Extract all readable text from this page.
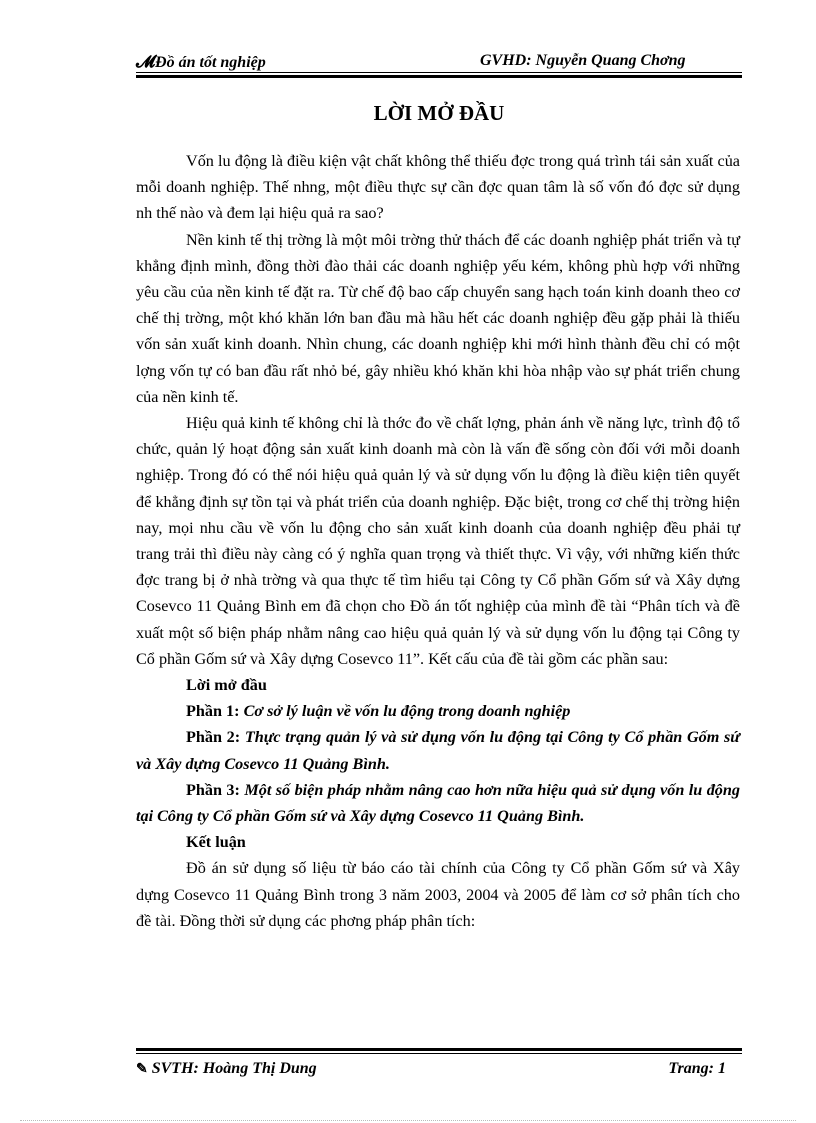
𝓜 Đồ án tốt nghiệp	GVHD: Nguyễn Quang Chơng
LỜI MỞ ĐẦU

Vốn lu động là điều kiện vật chất không thể thiếu đợc trong quá trình tái sản xuất của mỗi doanh nghiệp. Thế nhng, một điều thực sự cần đợc quan tâm là số vốn đó đợc sử dụng nh thế nào và đem lại hiệu quả ra sao?

Nền kinh tế thị trờng là một môi trờng thử thách để các doanh nghiệp phát triển và tự khẳng định mình, đồng thời đào thải các doanh nghiệp yếu kém, không phù hợp với những yêu cầu của nền kinh tế đặt ra. Từ chế độ bao cấp chuyển sang hạch toán kinh doanh theo cơ chế thị trờng, một khó khăn lớn ban đầu mà hầu hết các doanh nghiệp đều gặp phải là thiếu vốn sản xuất kinh doanh. Nhìn chung, các doanh nghiệp khi mới hình thành đều chỉ có một lợng vốn tự có ban đầu rất nhỏ bé, gây nhiều khó khăn khi hòa nhập vào sự phát triển chung của nền kinh tế.

Hiệu quả kinh tế không chỉ là thớc đo về chất lợng, phản ánh về năng lực, trình độ tổ chức, quản lý hoạt động sản xuất kinh doanh mà còn là vấn đề sống còn đối với mỗi doanh nghiệp. Trong đó có thể nói hiệu quả quản lý và sử dụng vốn lu động là điều kiện tiên quyết để khẳng định sự tồn tại và phát triển của doanh nghiệp. Đặc biệt, trong cơ chế thị trờng hiện nay, mọi nhu cầu về vốn lu động cho sản xuất kinh doanh của doanh nghiệp đều phải tự trang trải thì điều này càng có ý nghĩa quan trọng và thiết thực. Vì vậy, với những kiến thức đợc trang bị ở nhà trờng và qua thực tế tìm hiểu tại Công ty Cổ phần Gốm sứ và Xây dựng Cosevco 11 Quảng Bình em đã chọn cho Đồ án tốt nghiệp của mình đề tài “Phân tích và đề xuất một số biện pháp nhằm nâng cao hiệu quả quản lý và sử dụng vốn lu động tại Công ty Cổ phần Gốm sứ và Xây dựng Cosevco 11”. Kết cấu của đề tài gồm các phần sau:

Lời mở đầu
Phần 1: Cơ sở lý luận về vốn lu động trong doanh nghiệp
Phần 2: Thực trạng quản lý và sử dụng vốn lu động tại Công ty Cổ phần Gốm sứ và Xây dựng Cosevco 11 Quảng Bình.
Phần 3: Một số biện pháp nhằm nâng cao hơn nữa hiệu quả sử dụng vốn lu động tại Công ty Cổ phần Gốm sứ và Xây dựng Cosevco 11 Quảng Bình.
Kết luận

Đồ án sử dụng số liệu từ báo cáo tài chính của Công ty Cổ phần Gốm sứ và Xây dựng Cosevco 11 Quảng Bình trong 3 năm 2003, 2004 và 2005 để làm cơ sở phân tích cho đề tài. Đồng thời sử dụng các phơng pháp phân tích:

✎ SVTH: Hoàng Thị Dung	Trang: 1
